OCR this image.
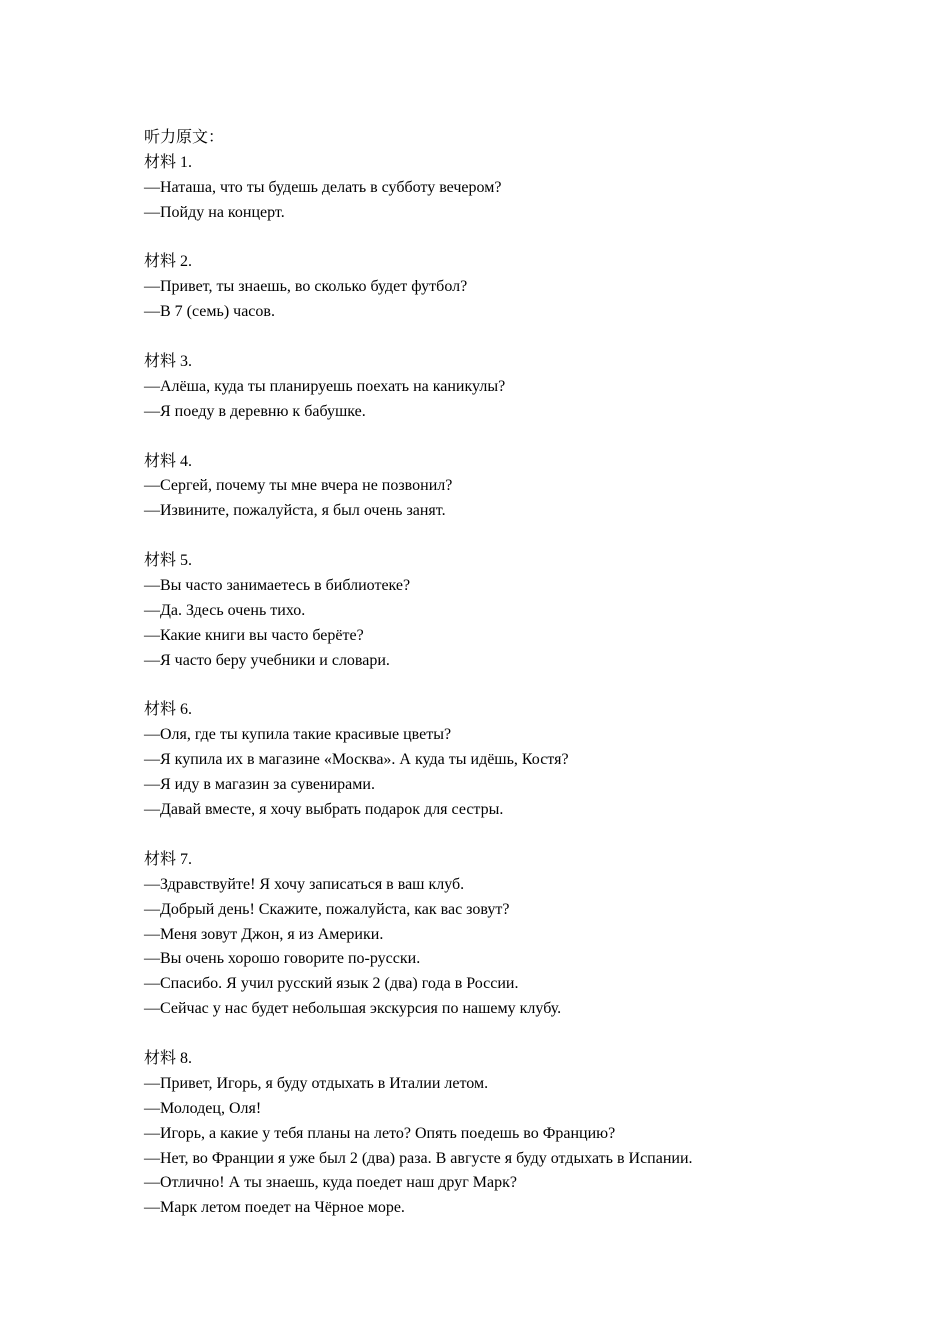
听力原文：
材料 1.
—Наташа, что ты будешь делать в субботу вечером?
—Пойду на концерт.
材料 2.
—Привет, ты знаешь, во сколько будет футбол?
—В 7 (семь) часов.
材料 3.
—Алёша, куда ты планируешь поехать на каникулы?
—Я поеду в деревню к бабушке.
材料 4.
—Сергей, почему ты мне вчера не позвонил?
—Извините, пожалуйста, я был очень занят.
材料 5.
—Вы часто занимаетесь в библиотеке?
—Да. Здесь очень тихо.
—Какие книги вы часто берёте?
—Я часто беру учебники и словари.
材料 6.
—Оля, где ты купила такие красивые цветы?
—Я купила их в магазине «Москва». А куда ты идёшь, Костя?
—Я иду в магазин за сувенирами.
—Давай вместе, я хочу выбрать подарок для сестры.
材料 7.
—Здравствуйте! Я хочу записаться в ваш клуб.
—Добрый день! Скажите, пожалуйста, как вас зовут?
—Меня зовут Джон, я из Америки.
—Вы очень хорошо говорите по-русски.
—Спасибо. Я учил русский язык 2 (два) года в России.
—Сейчас у нас будет небольшая экскурсия по нашему клубу.
材料 8.
—Привет, Игорь, я буду отдыхать в Италии летом.
—Молодец, Оля!
—Игорь, а какие у тебя планы на лето? Опять поедешь во Францию?
—Нет, во Франции я уже был 2 (два) раза. В августе я буду отдыхать в Испании.
—Отлично! А ты знаешь, куда поедет наш друг Марк?
—Марк летом поедет на Чёрное море.
